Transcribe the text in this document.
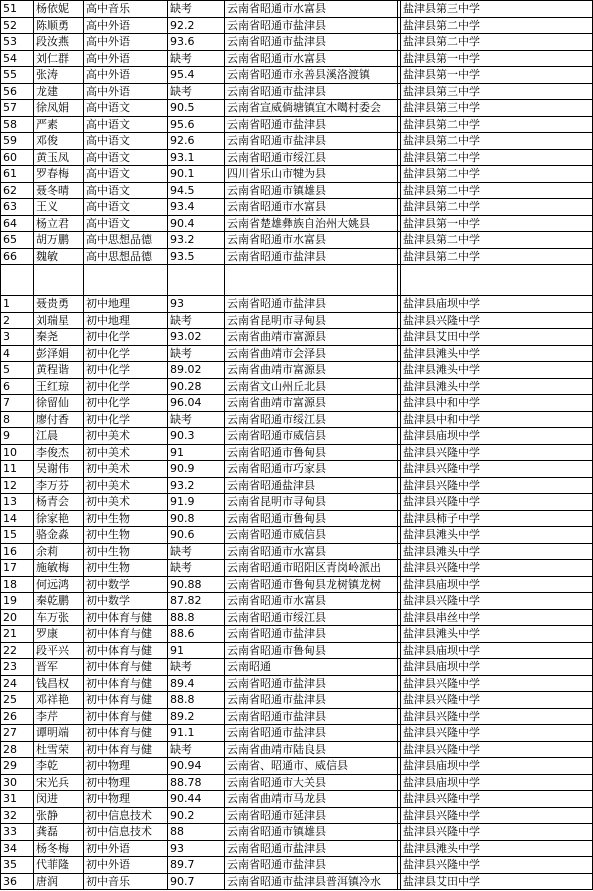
51	杨依妮	高中音乐	缺考	云南省昭通市水富县		盐津县第三中学
52	陈顺勇	高中外语	92.2	云南省昭通市盐津县		盐津县第二中学
53	段汝燕	高中外语	93.6	云南省昭通市盐津县		盐津县第二中学
54	刘仁群	高中外语	缺考	云南省昭通市水富县		盐津县第一中学
55	张涛	高中外语	95.4	云南省昭通市永善县溪洛渡镇		盐津县第一中学
56	龙建	高中外语	缺考	云南省昭通市盐津县		盐津县第三中学
57	徐凤娟	高中语文	90.5	云南省宣威倘塘镇宜木噶村委会		盐津县第三中学
58	严素	高中语文	95.6	云南省昭通市盐津县		盐津县第二中学
59	邓俊	高中语文	92.6	云南省昭通市盐津县		盐津县第二中学
60	黄玉凤	高中语文	93.1	云南省昭通市绥江县		盐津县第二中学
61	罗春梅	高中语文	90.1	四川省乐山市犍为县		盐津县第二中学
62	聂冬晴	高中语文	94.5	云南省昭通市镇雄县		盐津县第二中学
63	王义	高中语文	93.4	云南省昭通市水富县		盐津县第二中学
64	杨立君	高中语文	90.4	云南省楚雄彝族自治州大姚县		盐津县第一中学
65	胡万鹏	高中思想品德	93.2	云南省昭通市水富县		盐津县第二中学
66	魏敏	高中思想品德	93.5	云南省昭通市盐津县		盐津县第二中学

1	聂贵勇	初中地理	93	云南省昭通市盐津县		盐津县庙坝中学
2	刘瑞星	初中地理	缺考	云南省昆明市寻甸县		盐津县兴隆中学
3	秦尧	初中化学	93.02	云南省曲靖市富源县		盐津县艾田中学
4	彭泽娟	初中化学	缺考	云南省曲靖市会泽县		盐津县滩头中学
5	黄程谐	初中化学	89.02	云南省曲靖市富源县		盐津县滩头中学
6	王红琼	初中化学	90.28	云南省文山州丘北县		盐津县滩头中学
7	徐留仙	初中化学	96.04	云南省曲靖市富源县		盐津县中和中学
8	廖付香	初中化学	缺考	云南省昭通市绥江县		盐津县中和中学
9	江晨	初中美术	90.3	云南省昭通市威信县		盐津县庙坝中学
10	李俊杰	初中美术	91	云南省昭通市鲁甸县		盐津县兴隆中学
11	吴谢伟	初中美术	90.9	云南省昭通市巧家县		盐津县兴隆中学
12	李万芬	初中美术	93.2	云南省昭通盐津县		盐津县兴隆中学
13	杨青会	初中美术	91.9	云南省昆明市寻甸县		盐津县兴隆中学
14	徐家艳	初中生物	90.8	云南省昭通市鲁甸县		盐津县柿子中学
15	骆金淼	初中生物	90.6	云南省昭通市威信县		盐津县滩头中学
16	余莉	初中生物	缺考	云南省昭通市水富县		盐津县滩头中学
17	施敏梅	初中生物	缺考	云南省昭通市昭阳区青岗岭派出		盐津县兴隆中学
18	何远鸿	初中数学	90.88	云南省昭通市鲁甸县龙树镇龙树		盐津县庙坝中学
19	秦乾鹏	初中数学	87.82	云南省昭通市水富县		盐津县兴隆中学
20	车万张	初中体育与健	88.8	云南省昭通市绥江县		盐津县串丝中学
21	罗康	初中体育与健	88.6	云南省昭通市盐津县		盐津县滩头中学
22	段平兴	初中体育与健	91	云南省昭通市鲁甸县		盐津县庙坝中学
23	晋军	初中体育与健	缺考	云南昭通		盐津县庙坝中学
24	钱昌权	初中体育与健	89.4	云南省昭通市盐津县		盐津县兴隆中学
25	邓祥艳	初中体育与健	88.8	云南省昭通市盐津县		盐津县兴隆中学
26	李芹	初中体育与健	89.2	云南省昭通市盐津县		盐津县兴隆中学
27	谭明端	初中体育与健	91.1	云南省昭通市盐津县		盐津县兴隆中学
28	杜雪荣	初中体育与健	缺考	云南省曲靖市陆良县		盐津县兴隆中学
29	李乾	初中物理	90.94	云南省、昭通市、威信县		盐津县庙坝中学
30	宋光兵	初中物理	88.78	云南省昭通市大关县		盐津县庙坝中学
31	闵进	初中物理	90.44	云南省曲靖市马龙县		盐津县兴隆中学
32	张静	初中信息技术	90.2	云南省昭通市延津县		盐津县兴隆中学
33	龚磊	初中信息技术	88	云南省昭通市镇雄县		盐津县兴隆中学
34	杨冬梅	初中外语	93	云南省昭通市盐津县		盐津县滩头中学
35	代菲隆	初中外语	89.7	云南省昭通市盐津县		盐津县兴隆中学
36	唐润	初中音乐	90.7	云南省昭通市盐津县普洱镇冷水		盐津县艾田中学
